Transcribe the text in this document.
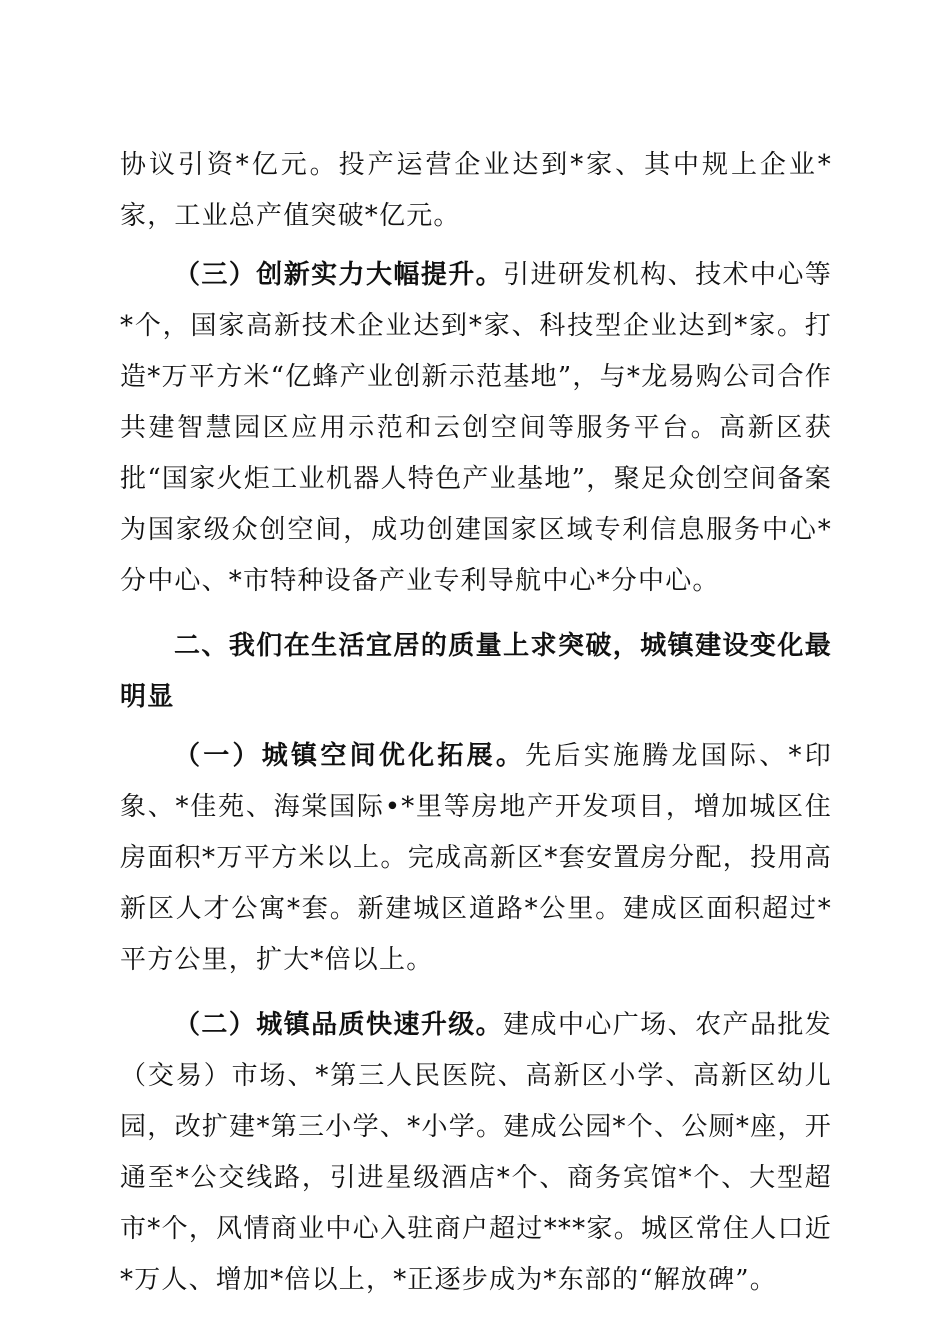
协议引资*亿元。投产运营企业达到*家、其中规上企业*家，工业总产值突破*亿元。

（三）创新实力大幅提升。引进研发机构、技术中心等*个，国家高新技术企业达到*家、科技型企业达到*家。打造*万平方米“亿蜂产业创新示范基地”，与*龙易购公司合作共建智慧园区应用示范和云创空间等服务平台。高新区获批“国家火炬工业机器人特色产业基地”，聚足众创空间备案为国家级众创空间，成功创建国家区域专利信息服务中心*分中心、*市特种设备产业专利导航中心*分中心。

二、我们在生活宜居的质量上求突破，城镇建设变化最明显

（一）城镇空间优化拓展。先后实施腾龙国际、*印象、*佳苑、海棠国际•*里等房地产开发项目，增加城区住房面积*万平方米以上。完成高新区*套安置房分配，投用高新区人才公寓*套。新建城区道路*公里。建成区面积超过*平方公里，扩大*倍以上。

（二）城镇品质快速升级。建成中心广场、农产品批发（交易）市场、*第三人民医院、高新区小学、高新区幼儿园，改扩建*第三小学、*小学。建成公园*个、公厕*座，开通至*公交线路，引进星级酒店*个、商务宾馆*个、大型超市*个，风情商业中心入驻商户超过***家。城区常住人口近*万人、增加*倍以上，*正逐步成为*东部的“解放碑”。
